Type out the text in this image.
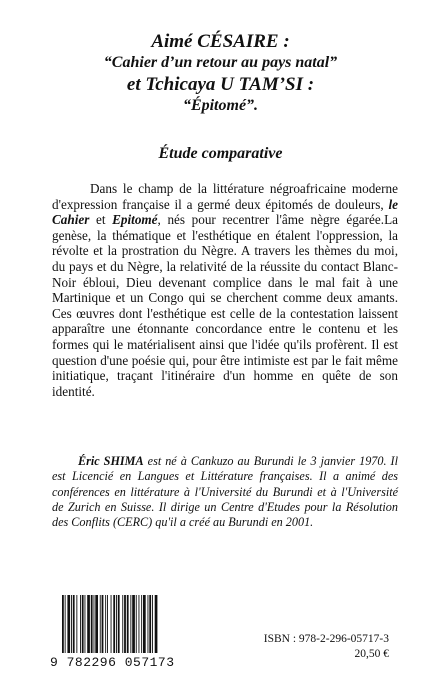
Aimé CÉSAIRE :
“Cahier d’un retour au pays natal”
et Tchicaya U TAM’SI :
“Épitomé”.
Étude comparative

Dans le champ de la littérature négroafricaine moderne d'expression française il a germé deux épitomés de douleurs, le Cahier et Epitomé, nés pour recentrer l'âme nègre égarée.La genèse, la thématique et l'esthétique en étalent l'oppression, la révolte et la prostration du Nègre. A travers les thèmes du moi, du pays et du Nègre, la relativité de la réussite du contact Blanc-Noir ébloui, Dieu devenant complice dans le mal fait à une Martinique et un Congo qui se cherchent comme deux amants. Ces œuvres dont l'esthétique est celle de la contestation laissent apparaître une étonnante concordance entre le contenu et les formes qui le matérialisent ainsi que l'idée qu'ils profèrent. Il est question d'une poésie qui, pour être intimiste est par le fait même initiatique, traçant l'itinéraire d'un homme en quête de son identité.

Éric SHIMA est né à Cankuzo au Burundi le 3 janvier 1970. Il est Licencié en Langues et Littérature françaises. Il a animé des conférences en littérature à l'Université du Burundi et à l'Université de Zurich en Suisse. Il dirige un Centre d'Etudes pour la Résolution des Conflits (CERC) qu'il a créé au Burundi en 2001.

9 782296 057173
ISBN : 978-2-296-05717-3
20,50 €
